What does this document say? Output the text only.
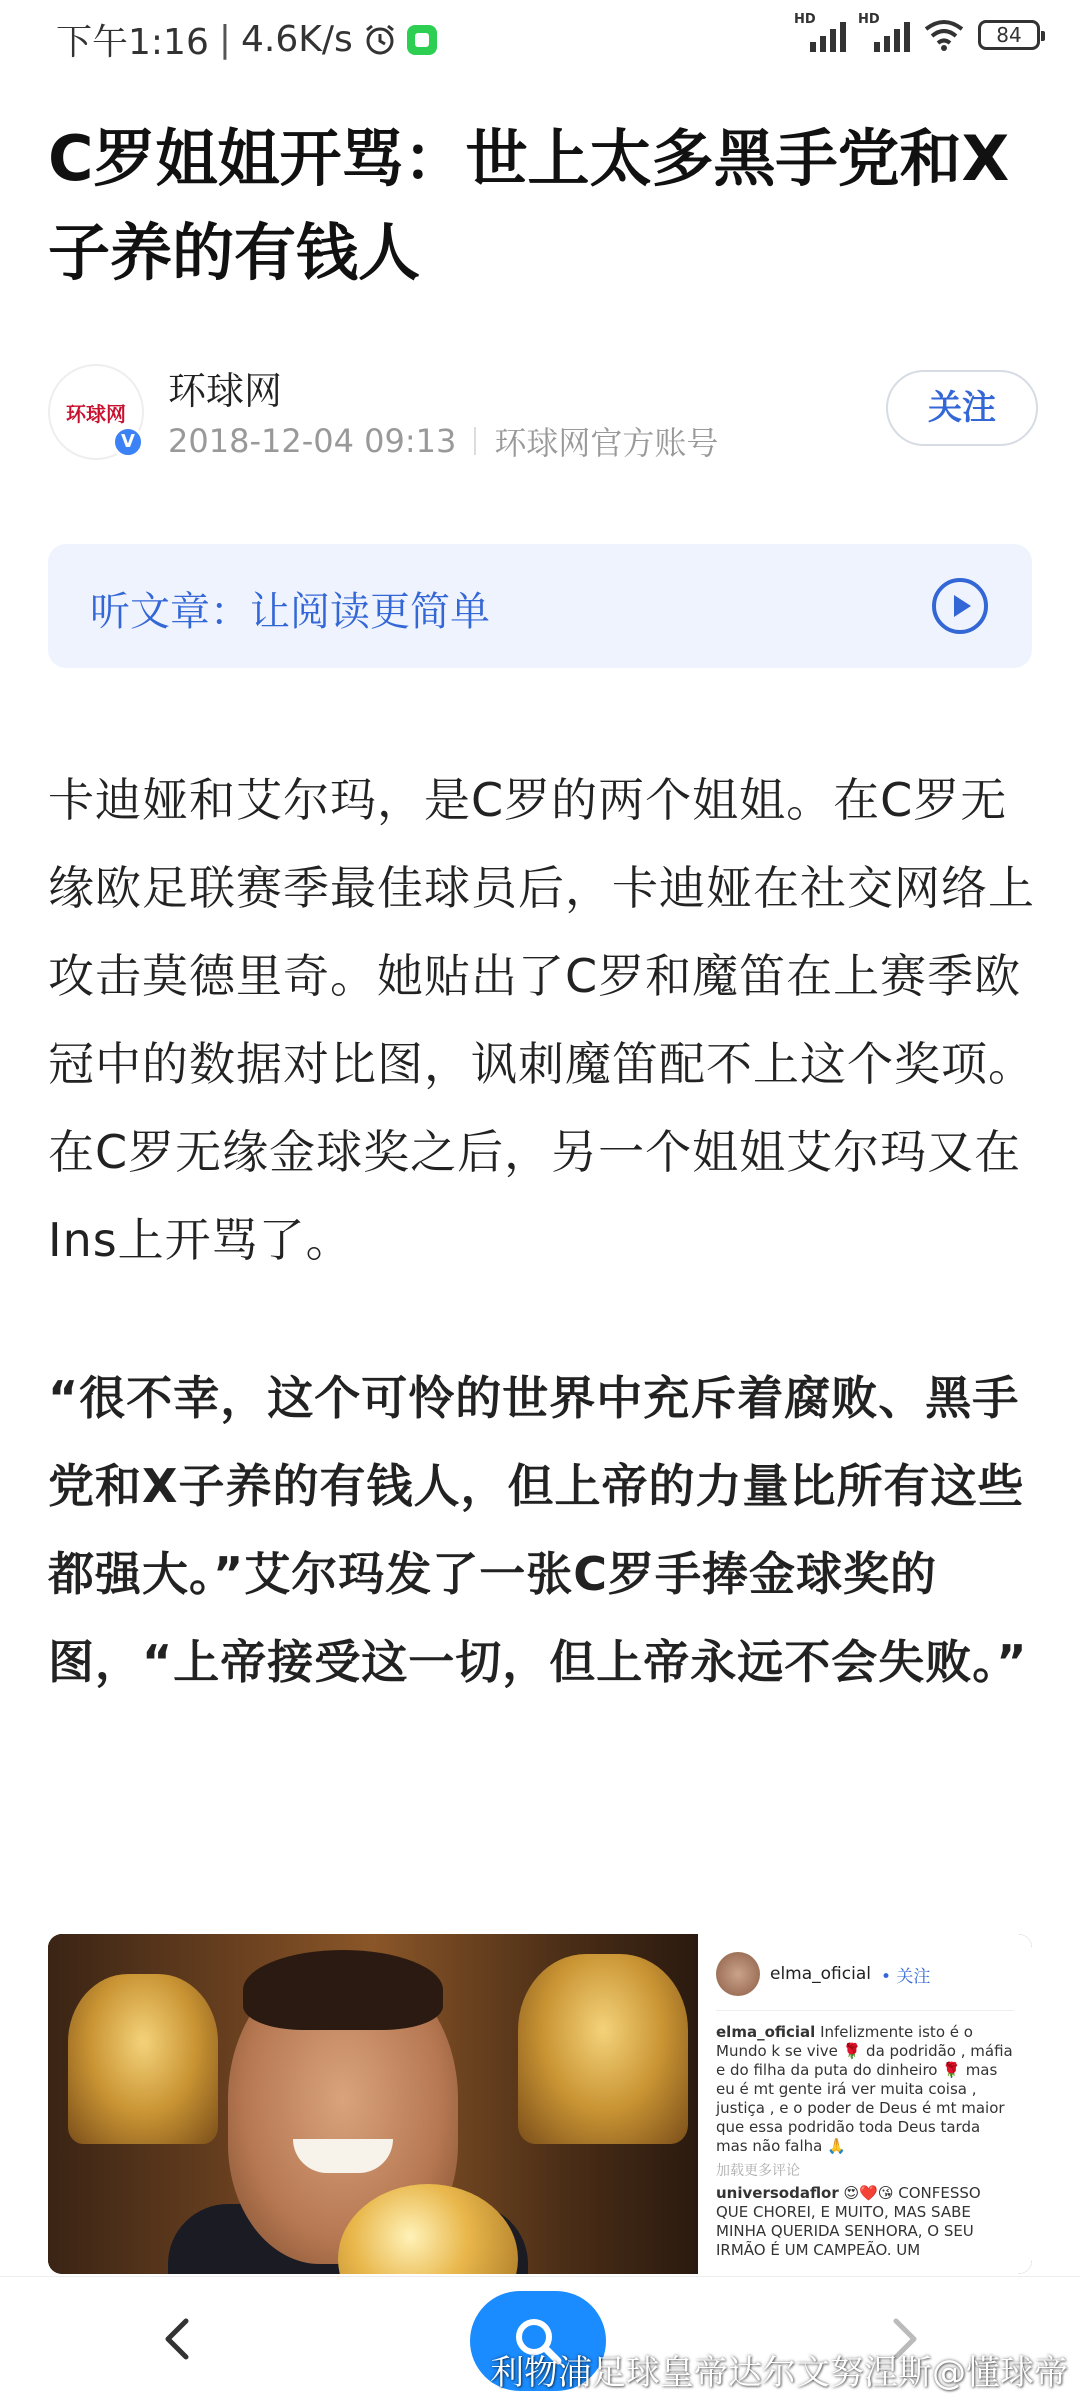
下午1:16 | 4.6K/s	HD	HD
84
C罗姐姐开骂：世上太多黑手党和X子养的有钱人
环球网
V
环球网
2018-12-04 09:13 环球网官方账号
关注
听文章：让阅读更简单

卡迪娅和艾尔玛，是C罗的两个姐姐。在C罗无缘欧足联赛季最佳球员后，卡迪娅在社交网络上攻击莫德里奇。她贴出了C罗和魔笛在上赛季欧冠中的数据对比图，讽刺魔笛配不上这个奖项。在C罗无缘金球奖之后，另一个姐姐艾尔玛又在Ins上开骂了。

“很不幸，这个可怜的世界中充斥着腐败、黑手党和X子养的有钱人，但上帝的力量比所有这些都强大。”艾尔玛发了一张C罗手捧金球奖的图，“上帝接受这一切，但上帝永远不会失败。”

elma_oficial • 关注
elma_oficial Infelizmente isto é o Mundo k se vive 🌹 da podridão , máfia e do filha da puta do dinheiro 🌹 mas eu é mt gente irá ver muita coisa , justiça , e o poder de Deus é mt maior que essa podridão toda Deus tarda mas não falha 🙏
加载更多评论
universodaflor 😍❤️😘 CONFESSO QUE CHOREI, E MUITO, MAS SABE MINHA QUERIDA SENHORA, O SEU IRMÃO É UM CAMPEÃO. UM
利物浦足球皇帝达尔文努涅斯@懂球帝
